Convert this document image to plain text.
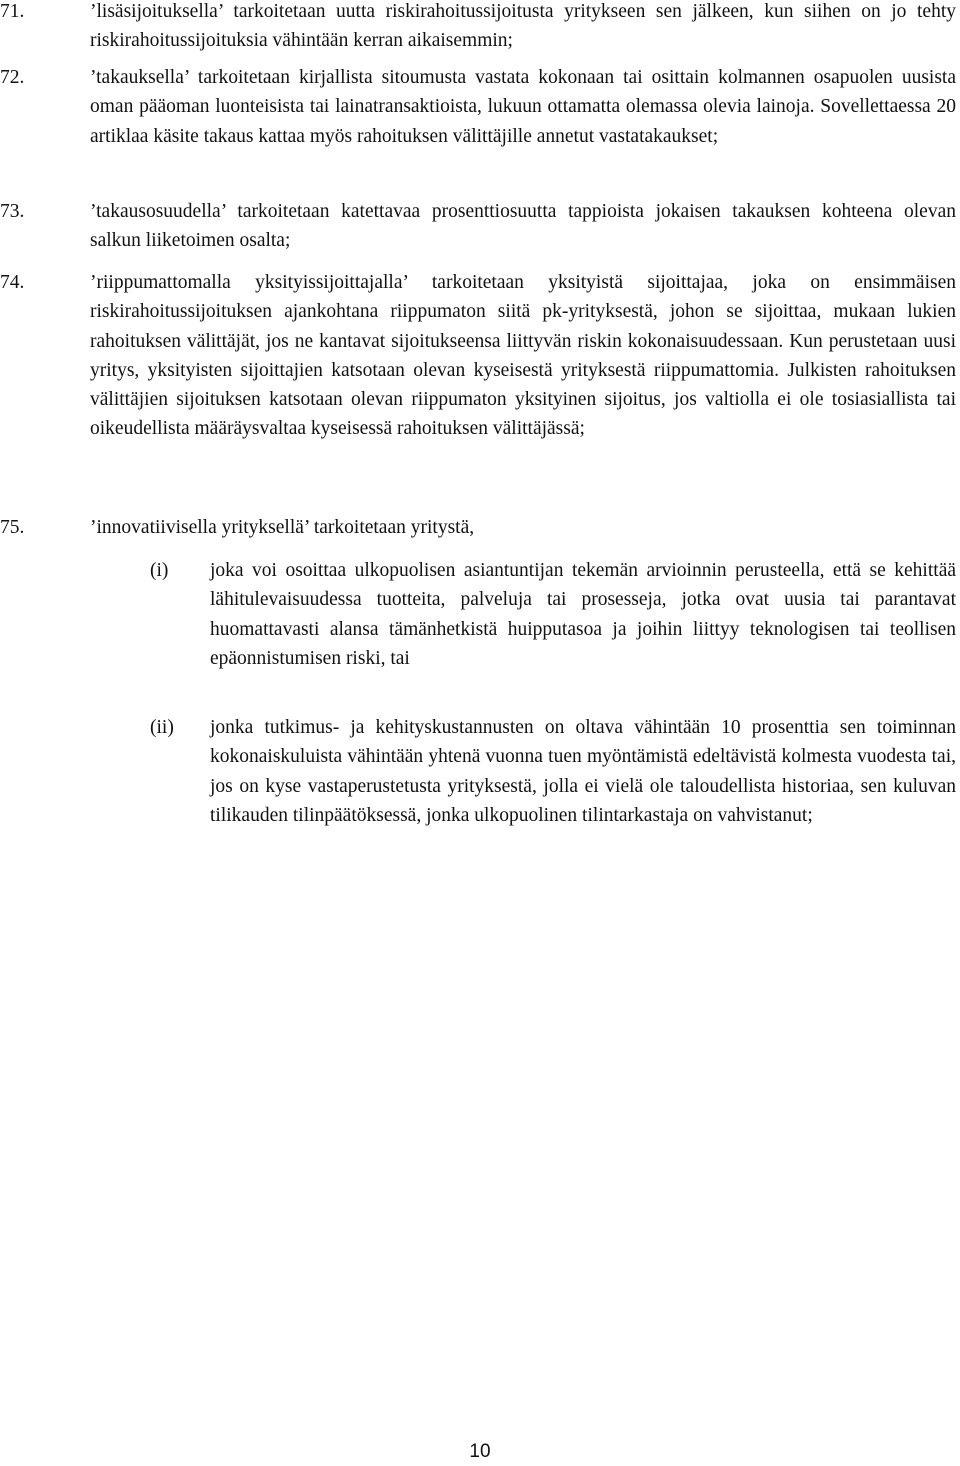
71.	’lisäsijoituksella’ tarkoitetaan uutta riskirahoitussijoitusta yritykseen sen jälkeen, kun siihen on jo tehty riskirahoitussijoituksia vähintään kerran aikaisemmin;
72.	’takauksella’ tarkoitetaan kirjallista sitoumusta vastata kokonaan tai osittain kolmannen osapuolen uusista oman pääoman luonteisista tai lainatransaktioista, lukuun ottamatta olemassa olevia lainoja. Sovellettaessa 20 artiklaa käsite takaus kattaa myös rahoituksen välittäjille annetut vastatakaukset;
73.	’takausosuudella’ tarkoitetaan katettavaa prosenttiosuutta tappioista jokaisen takauksen kohteena olevan salkun liiketoimen osalta;
74.	’riippumattomalla yksityissijoittajalla’ tarkoitetaan yksityistä sijoittajaa, joka on ensimmäisen riskirahoitussijoituksen ajankohtana riippumaton siitä pk-yrityksestä, johon se sijoittaa, mukaan lukien rahoituksen välittäjät, jos ne kantavat sijoitukseensa liittyvän riskin kokonaisuudessaan. Kun perustetaan uusi yritys, yksityisten sijoittajien katsotaan olevan kyseisestä yrityksestä riippumattomia. Julkisten rahoituksen välittäjien sijoituksen katsotaan olevan riippumaton yksityinen sijoitus, jos valtiolla ei ole tosiasiallista tai oikeudellista määräysvaltaa kyseisessä rahoituksen välittäjässä;
75.	’innovatiivisella yrityksellä’ tarkoitetaan yritystä,
(i)	joka voi osoittaa ulkopuolisen asiantuntijan tekemän arvioinnin perusteella, että se kehittää lähitulevaisuudessa tuotteita, palveluja tai prosesseja, jotka ovat uusia tai parantavat huomattavasti alansa tämänhetkistä huipputasoa ja joihin liittyy teknologisen tai teollisen epäonnistumisen riski, tai
(ii)	jonka tutkimus- ja kehityskustannusten on oltava vähintään 10 prosenttia sen toiminnan kokonaiskuluista vähintään yhtenä vuonna tuen myöntämistä edeltävistä kolmesta vuodesta tai, jos on kyse vastaperustetusta yrityksestä, jolla ei vielä ole taloudellista historiaa, sen kuluvan tilikauden tilinpäätöksessä, jonka ulkopuolinen tilintarkastaja on vahvistanut;
10
